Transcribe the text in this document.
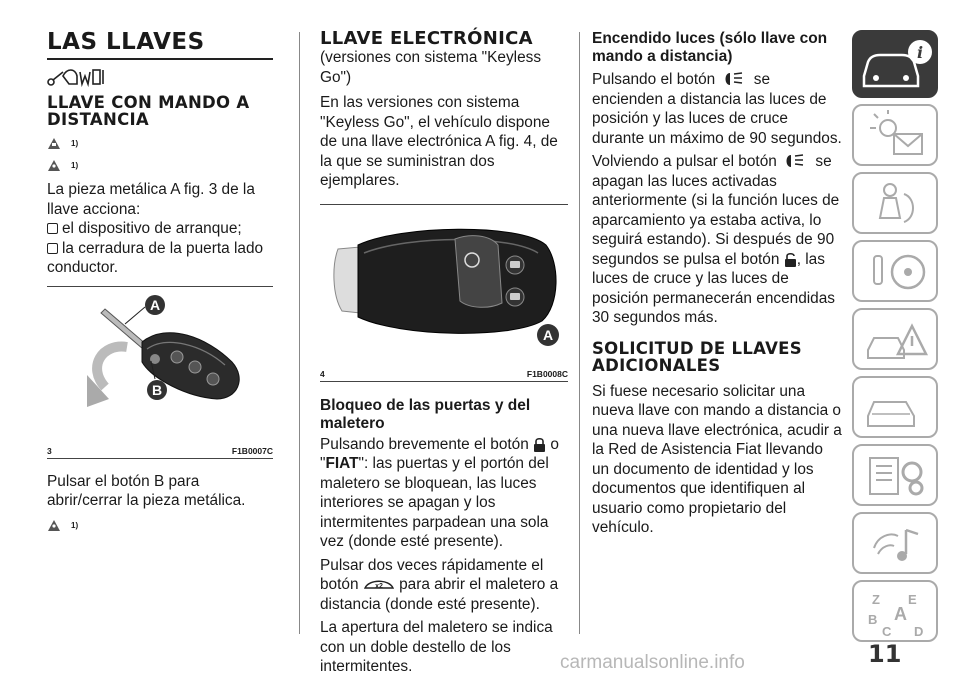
LAS LLAVES
LLAVE CON MANDO A DISTANCIA
1)
1)
La pieza metálica A fig. 3 de la llave acciona:
el dispositivo de arranque;
la cerradura de la puerta lado
conductor.
A
B
3	F1B0007C
Pulsar el botón B para abrir/cerrar la pieza metálica.
1)
LLAVE ELECTRÓNICA
(versiones con sistema "Keyless Go")
En las versiones con sistema "Keyless Go", el vehículo dispone de una llave electrónica A fig. 4, de la que se suministran dos ejemplares.
A
4	F1B0008C
Bloqueo de las puertas y del maletero
Pulsando brevemente el botón  o "FIAT": las puertas y el portón del maletero se bloquean, las luces interiores se apagan y los intermitentes parpadean una sola vez (donde esté presente).
Pulsar dos veces rápidamente el botón x2 para abrir el maletero a distancia (donde esté presente).
La apertura del maletero se indica con un doble destello de los intermitentes.
Encendido luces (sólo llave con mando a distancia)
Pulsando el botón	se encienden a distancia las luces de posición y las luces de cruce durante un máximo de 90 segundos.
Volviendo a pulsar el botón	se apagan las luces activadas anteriormente (si la función luces de aparcamiento ya estaba activa, lo seguirá estando). Si después de 90 segundos se pulsa el botón , las luces de cruce y las luces de posición permanecerán encendidas 30 segundos más.
SOLICITUD DE LLAVES ADICIONALES
Si fuese necesario solicitar una nueva llave con mando a distancia o una nueva llave electrónica, acudir a la Red de Asistencia Fiat llevando un documento de identidad y los documentos que identifiquen al usuario como propietario del vehículo.
i
Z E
A
B
C D
11
carmanualsonline.info
